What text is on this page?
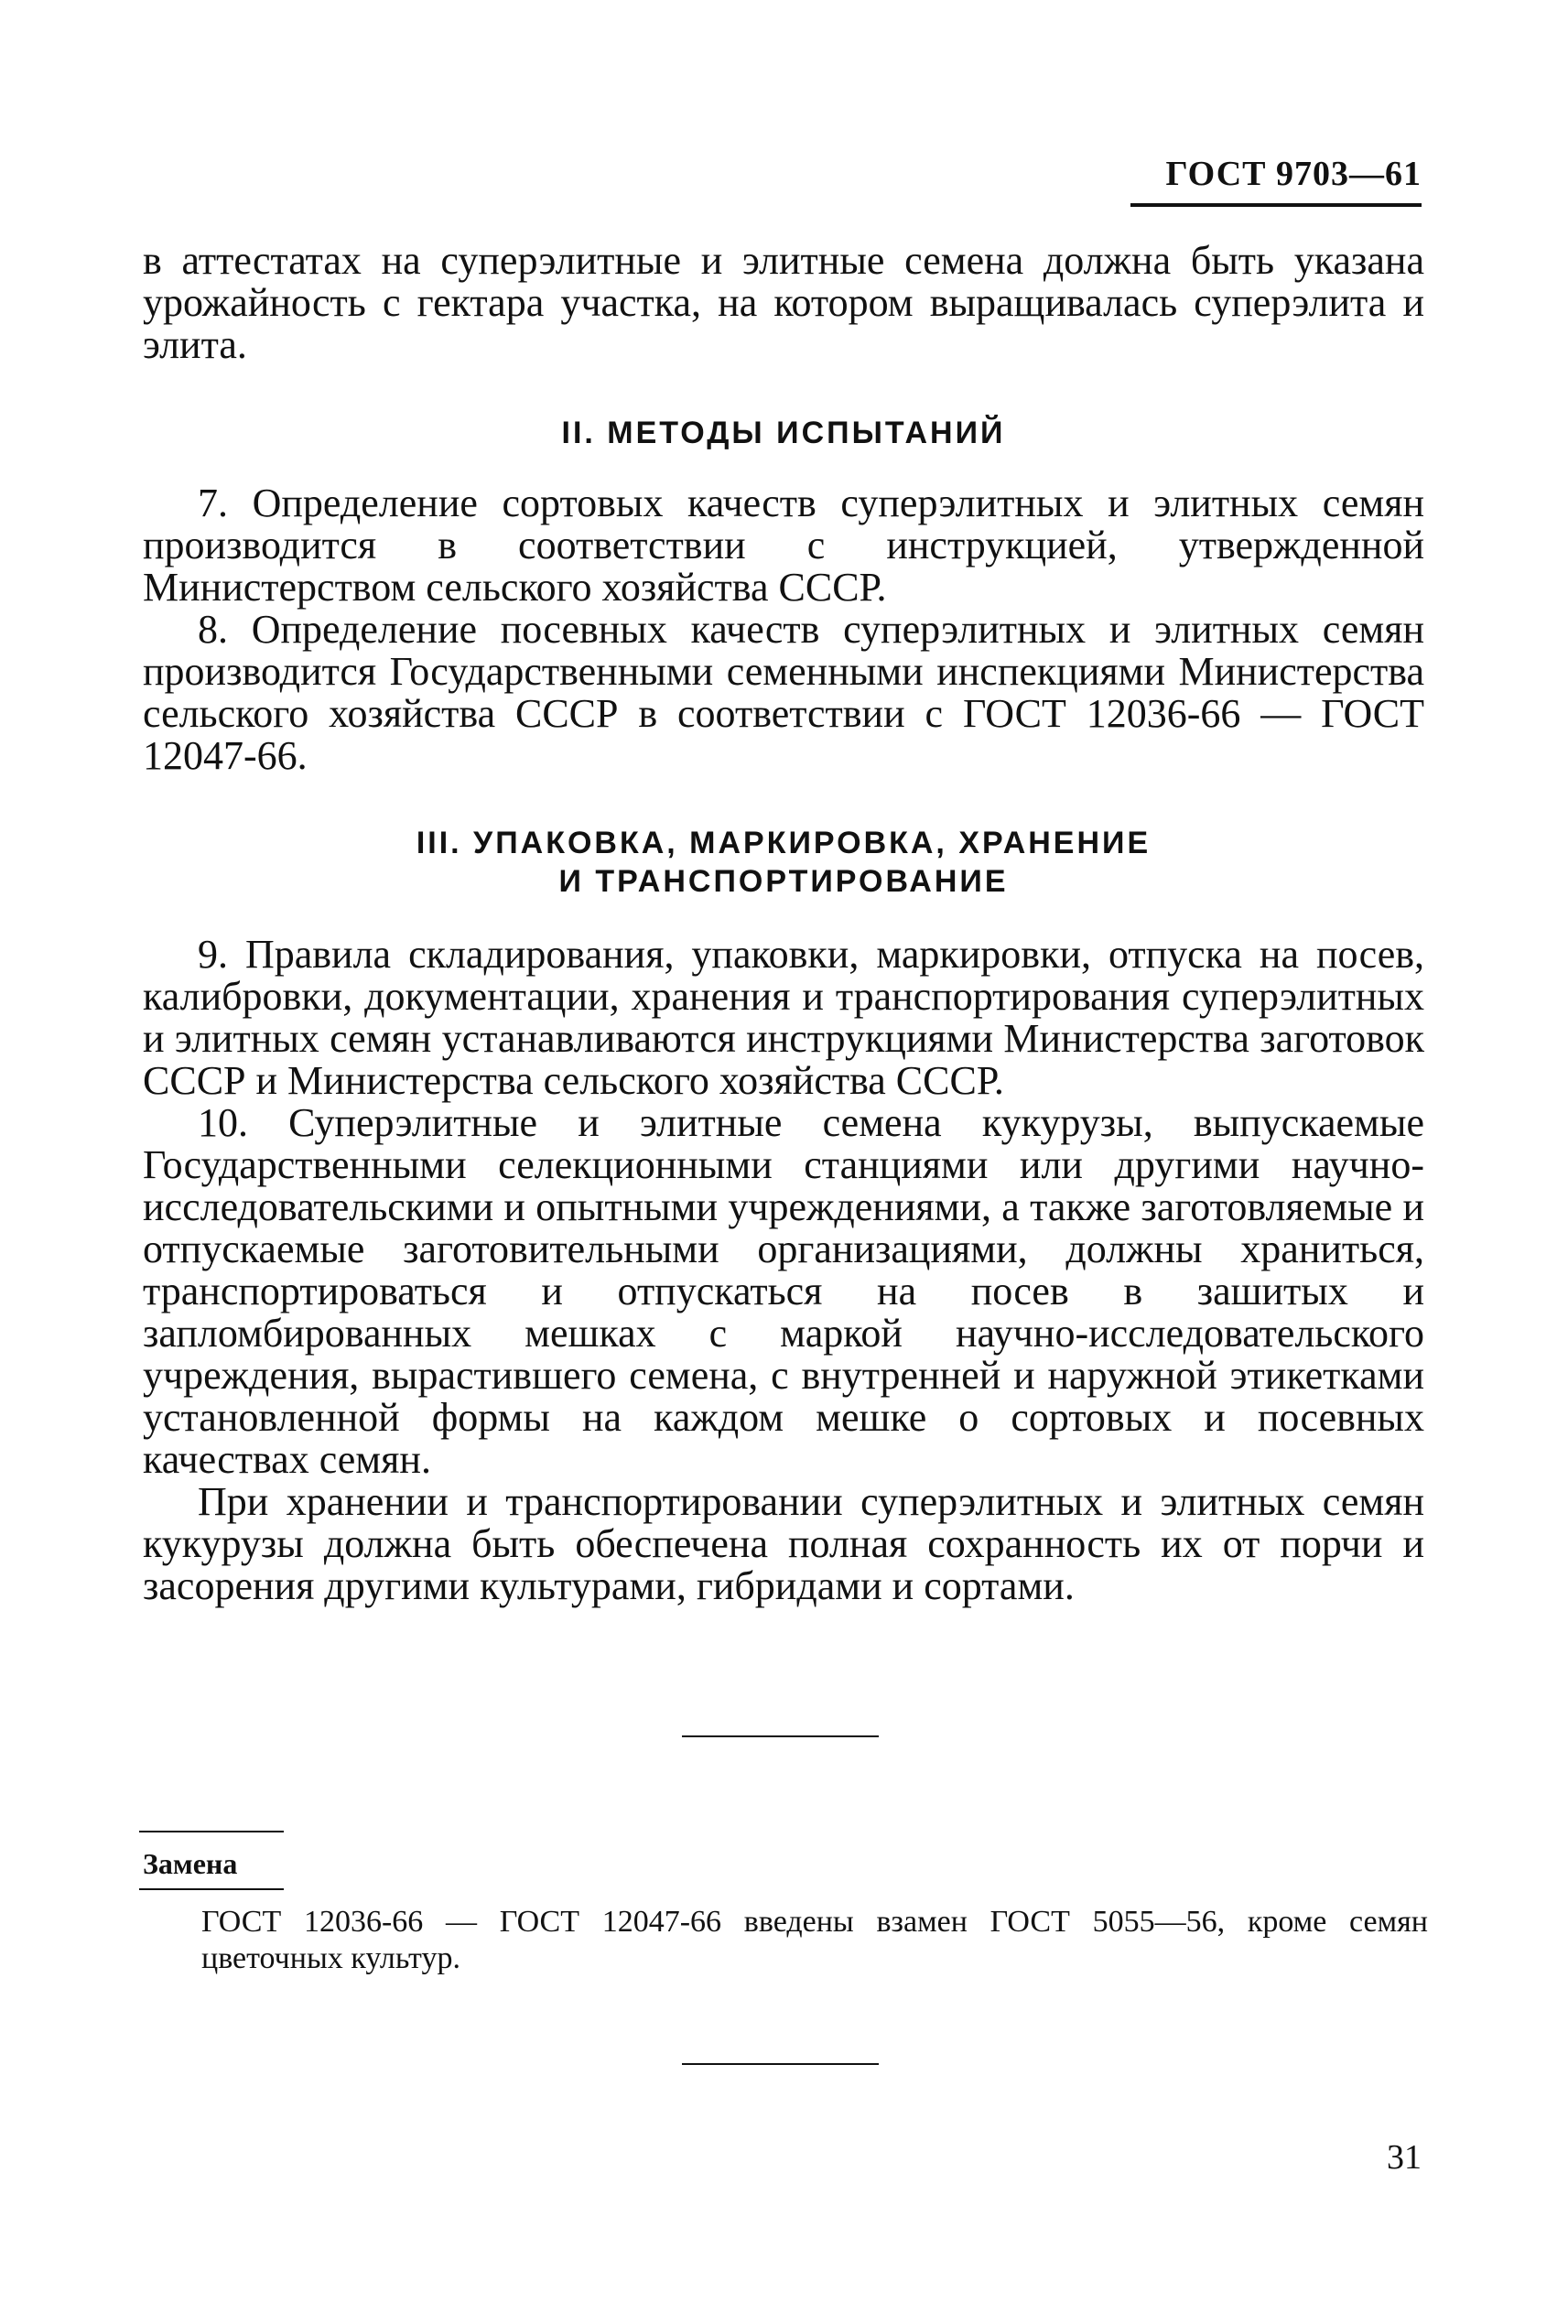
ГОСТ 9703—61

в аттестатах на суперэлитные и элитные семена должна быть указана урожайность с гектара участка, на котором выращивалась суперэлита и элита.

II. МЕТОДЫ ИСПЫТАНИЙ

7. Определение сортовых качеств суперэлитных и элитных семян производится в соответствии с инструкцией, утвержденной Министерством сельского хозяйства СССР.

8. Определение посевных качеств суперэлитных и элитных семян производится Государственными семенными инспекциями Министерства сельского хозяйства СССР в соответствии с ГОСТ 12036-66 — ГОСТ 12047-66.

III. УПАКОВКА, МАРКИРОВКА, ХРАНЕНИЕ
И ТРАНСПОРТИРОВАНИЕ

9. Правила складирования, упаковки, маркировки, отпуска на посев, калибровки, документации, хранения и транспортирования суперэлитных и элитных семян устанавливаются инструкциями Министерства заготовок СССР и Министерства сельского хозяйства СССР.

10. Суперэлитные и элитные семена кукурузы, выпускаемые Государственными селекционными станциями или другими научно-исследовательскими и опытными учреждениями, а также заготовляемые и отпускаемые заготовительными организациями, должны храниться, транспортироваться и отпускаться на посев в зашитых и запломбированных мешках с маркой научно-исследовательского учреждения, вырастившего семена, с внутренней и наружной этикетками установленной формы на каждом мешке о сортовых и посевных качествах семян.

При хранении и транспортировании суперэлитных и элитных семян кукурузы должна быть обеспечена полная сохранность их от порчи и засорения другими культурами, гибридами и сортами.

Замена

ГОСТ 12036-66 — ГОСТ 12047-66 введены взамен ГОСТ 5055—56, кроме семян цветочных культур.

31
